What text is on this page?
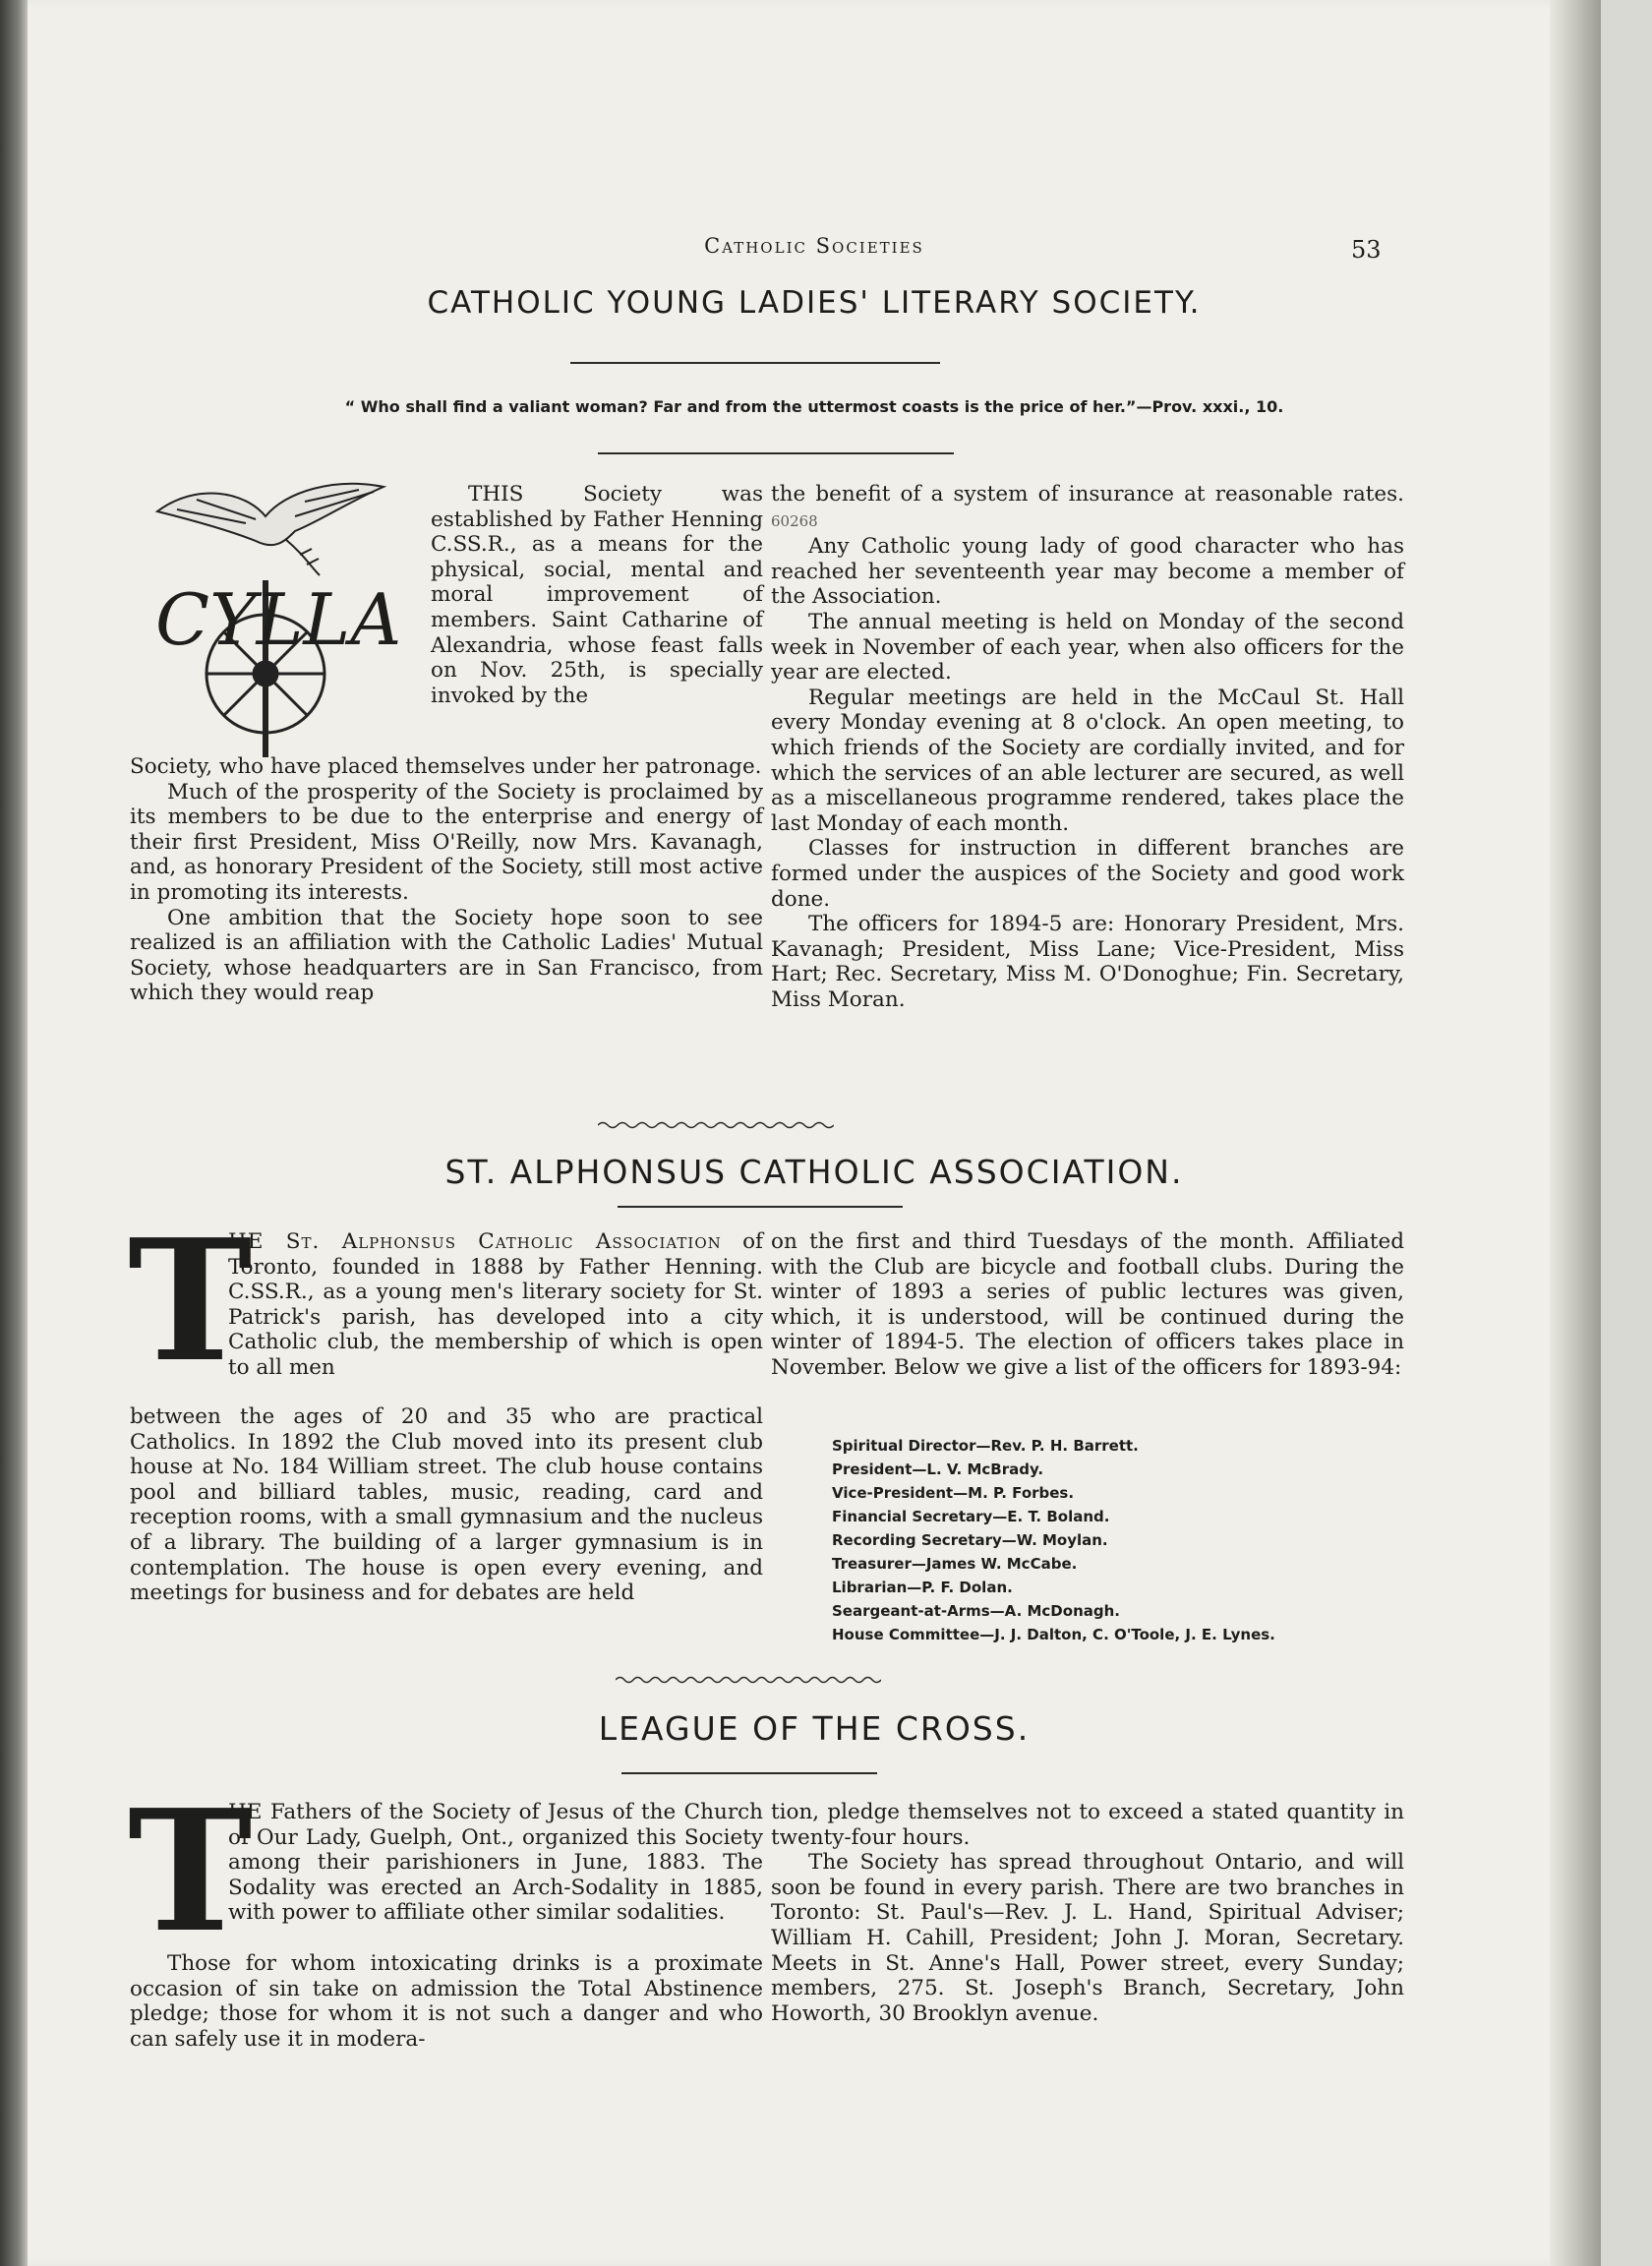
Catholic Societies	53
CATHOLIC YOUNG LADIES' LITERARY SOCIETY.
“ Who shall find a valiant woman? Far and from the uttermost coasts is the price of her.”—Prov. xxxi., 10.
CYLLA

THIS Society was established by Father Henning C.SS.R., as a means for the physical, social, mental and moral improvement of members. Saint Catharine of Alexandria, whose feast falls on Nov. 25th, is specially invoked by the

Society, who have placed themselves under her patronage.

Much of the prosperity of the Society is proclaimed by its members to be due to the enterprise and energy of their first President, Miss O'Reilly, now Mrs. Kavanagh, and, as honorary President of the Society, still most active in promoting its interests.

One ambition that the Society hope soon to see realized is an affiliation with the Catholic Ladies' Mutual Society, whose headquarters are in San Francisco, from which they would reap

the benefit of a system of insurance at reasonable rates. 60268

Any Catholic young lady of good character who has reached her seventeenth year may become a member of the Association.

The annual meeting is held on Monday of the second week in November of each year, when also officers for the year are elected.

Regular meetings are held in the McCaul St. Hall every Monday evening at 8 o'clock. An open meeting, to which friends of the Society are cordially invited, and for which the services of an able lecturer are secured, as well as a miscellaneous programme rendered, takes place the last Monday of each month.

Classes for instruction in different branches are formed under the auspices of the Society and good work done.

The officers for 1894-5 are: Honorary President, Mrs. Kavanagh; President, Miss Lane; Vice-President, Miss Hart; Rec. Secretary, Miss M. O'Donoghue; Fin. Secretary, Miss Moran.

ST. ALPHONSUS CATHOLIC ASSOCIATION.
T

HE St. Alphonsus Catholic Association of Toronto, founded in 1888 by Father Henning. C.SS.R., as a young men's literary society for St. Patrick's parish, has developed into a city Catholic club, the membership of which is open to all men

between the ages of 20 and 35 who are practical Catholics. In 1892 the Club moved into its present club house at No. 184 William street. The club house contains pool and billiard tables, music, reading, card and reception rooms, with a small gymnasium and the nucleus of a library. The building of a larger gymnasium is in contemplation. The house is open every evening, and meetings for business and for debates are held

on the first and third Tuesdays of the month. Affiliated with the Club are bicycle and football clubs. During the winter of 1893 a series of public lectures was given, which, it is understood, will be continued during the winter of 1894-5. The election of officers takes place in November. Below we give a list of the officers for 1893-94:

Spiritual Director—Rev. P. H. Barrett.
President—L. V. McBrady.
Vice-President—M. P. Forbes.
Financial Secretary—E. T. Boland.
Recording Secretary—W. Moylan.
Treasurer—James W. McCabe.
Librarian—P. F. Dolan.
Seargeant-at-Arms—A. McDonagh.
House Committee—J. J. Dalton, C. O'Toole, J. E. Lynes.
LEAGUE OF THE CROSS.
T

HE Fathers of the Society of Jesus of the Church of Our Lady, Guelph, Ont., organized this Society among their parishioners in June, 1883. The Sodality was erected an Arch-Sodality in 1885, with power to affiliate other similar sodalities.

Those for whom intoxicating drinks is a proximate occasion of sin take on admission the Total Abstinence pledge; those for whom it is not such a danger and who can safely use it in modera-

tion, pledge themselves not to exceed a stated quantity in twenty-four hours.

The Society has spread throughout Ontario, and will soon be found in every parish. There are two branches in Toronto: St. Paul's—Rev. J. L. Hand, Spiritual Adviser; William H. Cahill, President; John J. Moran, Secretary. Meets in St. Anne's Hall, Power street, every Sunday; members, 275. St. Joseph's Branch, Secretary, John Howorth, 30 Brooklyn avenue.
